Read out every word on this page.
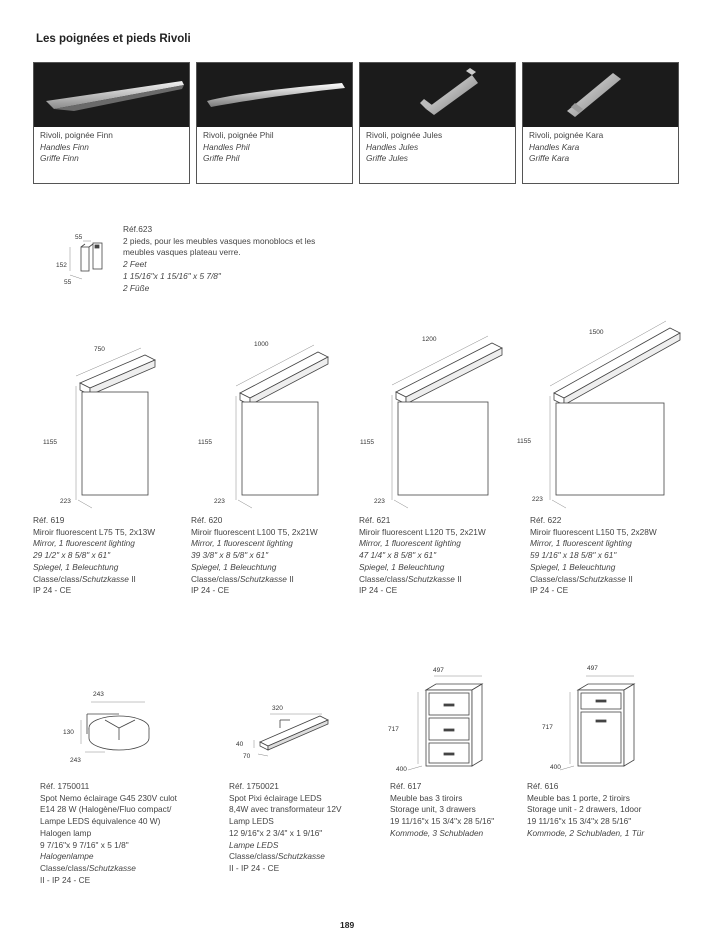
Les poignées et pieds Rivoli
Rivoli, poignée Finn
Handles Finn
Griffe Finn
Rivoli, poignée Phil
Handles Phil
Griffe Phil
Rivoli, poignée Jules
Handles Jules
Griffe Jules
Rivoli, poignée Kara
Handles Kara
Griffe Kara
55
152
55
Réf.623
2 pieds, pour les meubles vasques monoblocs et les
meubles vasques plateau verre.
2 Feet
1 15/16"x 1 15/16" x 5 7/8"
2 Füße
750
1155
223
1000
1155
223
1200
1155
223
1500
1155
223
Réf. 619
Miroir fluorescent L75 T5, 2x13W
Mirror, 1 fluorescent lighting
29 1/2" x 8 5/8" x 61"
Spiegel, 1 Beleuchtung
Classe/class/Schutzkasse II
IP 24 - CE
Réf. 620
Miroir fluorescent L100 T5, 2x21W
Mirror, 1 fluorescent lighting
39 3/8" x 8 5/8" x 61"
Spiegel, 1 Beleuchtung
Classe/class/Schutzkasse II
IP 24 - CE
Réf. 621
Miroir fluorescent L120 T5, 2x21W
Mirror, 1 fluorescent lighting
47 1/4" x 8 5/8" x 61"
Spiegel, 1 Beleuchtung
Classe/class/Schutzkasse II
IP 24 - CE
Réf. 622
Miroir fluorescent L150 T5, 2x28W
Mirror, 1 fluorescent lighting
59 1/16" x 18 5/8" x 61"
Spiegel, 1 Beleuchtung
Classe/class/Schutzkasse II
IP 24 - CE
243
130
243
Réf. 1750011
Spot Nemo éclairage G45 230V culot
E14 28 W (Halogène/Fluo compact/
Lampe LEDS équivalence 40 W)
Halogen lamp
9 7/16"x 9 7/16" x 5 1/8"
Halogenlampe
Classe/class/Schutzkasse
II - IP 24 - CE
320
40
70
Réf. 1750021
Spot Pixi éclairage LEDS
8,4W avec transformateur 12V
Lamp LEDS
12 9/16"x 2 3/4" x 1 9/16"
Lampe LEDS
Classe/class/Schutzkasse
II - IP 24 - CE
497
717
400
Réf. 617
Meuble bas 3 tiroirs
Storage unit, 3 drawers
19 11/16"x 15 3/4"x 28 5/16"
Kommode, 3 Schubladen
497
717
400
Réf. 616
Meuble bas 1 porte, 2 tiroirs
Storage unit - 2 drawers, 1door
19 11/16"x 15 3/4"x 28 5/16"
Kommode, 2 Schubladen, 1 Tür
189
